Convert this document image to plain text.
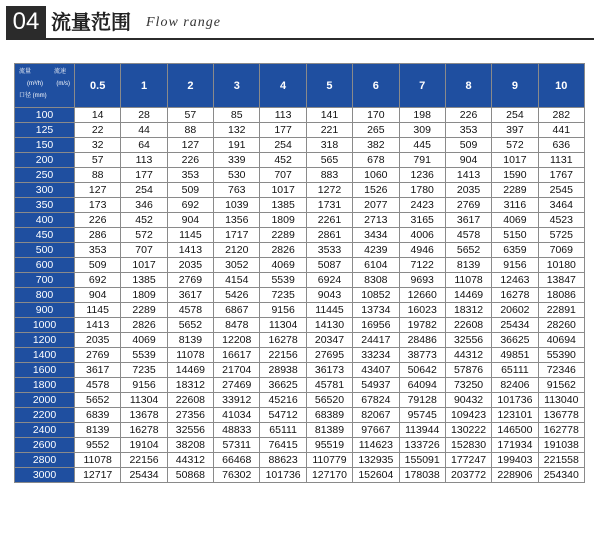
04 流量范围 Flow range
流量 流速
(m³/h) (m/s)
口径 (mm)	0.5	1	2	3	4	5	6	7	8	9	10
100	14	28	57	85	113	141	170	198	226	254	282
125	22	44	88	132	177	221	265	309	353	397	441
150	32	64	127	191	254	318	382	445	509	572	636
200	57	113	226	339	452	565	678	791	904	1017	1131
250	88	177	353	530	707	883	1060	1236	1413	1590	1767
300	127	254	509	763	1017	1272	1526	1780	2035	2289	2545
350	173	346	692	1039	1385	1731	2077	2423	2769	3116	3464
400	226	452	904	1356	1809	2261	2713	3165	3617	4069	4523
450	286	572	1145	1717	2289	2861	3434	4006	4578	5150	5725
500	353	707	1413	2120	2826	3533	4239	4946	5652	6359	7069
600	509	1017	2035	3052	4069	5087	6104	7122	8139	9156	10180
700	692	1385	2769	4154	5539	6924	8308	9693	11078	12463	13847
800	904	1809	3617	5426	7235	9043	10852	12660	14469	16278	18086
900	1145	2289	4578	6867	9156	11445	13734	16023	18312	20602	22891
1000	1413	2826	5652	8478	11304	14130	16956	19782	22608	25434	28260
1200	2035	4069	8139	12208	16278	20347	24417	28486	32556	36625	40694
1400	2769	5539	11078	16617	22156	27695	33234	38773	44312	49851	55390
1600	3617	7235	14469	21704	28938	36173	43407	50642	57876	65111	72346
1800	4578	9156	18312	27469	36625	45781	54937	64094	73250	82406	91562
2000	5652	11304	22608	33912	45216	56520	67824	79128	90432	101736	113040
2200	6839	13678	27356	41034	54712	68389	82067	95745	109423	123101	136778
2400	8139	16278	32556	48833	65111	81389	97667	113944	130222	146500	162778
2600	9552	19104	38208	57311	76415	95519	114623	133726	152830	171934	191038
2800	11078	22156	44312	66468	88623	110779	132935	155091	177247	199403	221558
3000	12717	25434	50868	76302	101736	127170	152604	178038	203772	228906	254340
